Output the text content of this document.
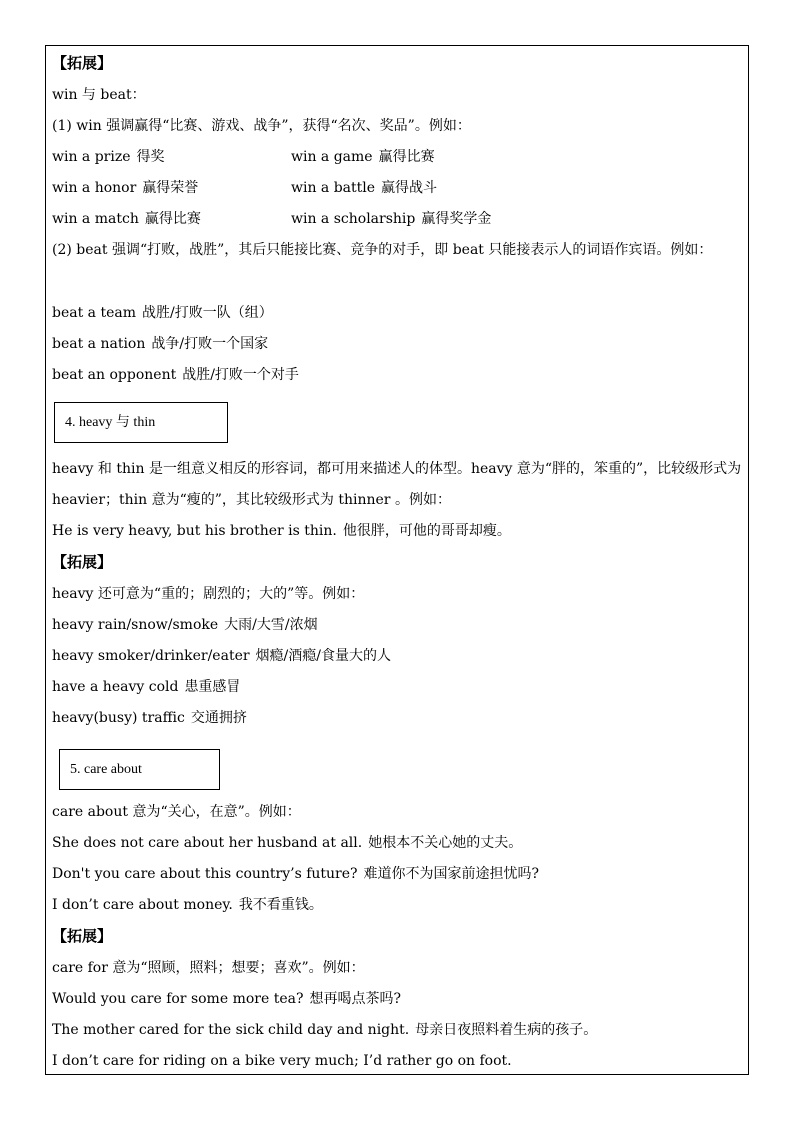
【拓展】
win 与 beat：
(1) win 强调赢得“比赛、游戏、战争”，获得“名次、奖品”。例如：
win a prize 得奖	win a game 赢得比赛
win a honor 赢得荣誉	win a battle 赢得战斗
win a match 赢得比赛	win a scholarship 赢得奖学金
(2) beat 强调“打败，战胜”，其后只能接比赛、竞争的对手，即 beat 只能接表示人的词语作宾语。例如：
beat a team 战胜/打败一队（组）
beat a nation 战争/打败一个国家
beat an opponent 战胜/打败一个对手
4. heavy 与 thin
heavy 和 thin 是一组意义相反的形容词，都可用来描述人的体型。heavy 意为“胖的，笨重的”，比较级形式为 heavier；thin 意为“瘦的”，其比较级形式为 thinner 。例如：
He is very heavy, but his brother is thin. 他很胖，可他的哥哥却瘦。
【拓展】
heavy 还可意为“重的；剧烈的；大的”等。例如：
heavy rain/snow/smoke 大雨/大雪/浓烟
heavy smoker/drinker/eater 烟瘾/酒瘾/食量大的人
have a heavy cold 患重感冒
heavy(busy) traffic 交通拥挤
5. care about
care about 意为“关心，在意”。例如：
She does not care about her husband at all. 她根本不关心她的丈夫。
Don't you care about this country’s future? 难道你不为国家前途担忧吗?
I don’t care about money. 我不看重钱。
【拓展】
care for 意为“照顾，照料；想要；喜欢”。例如：
Would you care for some more tea? 想再喝点茶吗?
The mother cared for the sick child day and night. 母亲日夜照料着生病的孩子。
I don’t care for riding on a bike very much; I’d rather go on foot.
